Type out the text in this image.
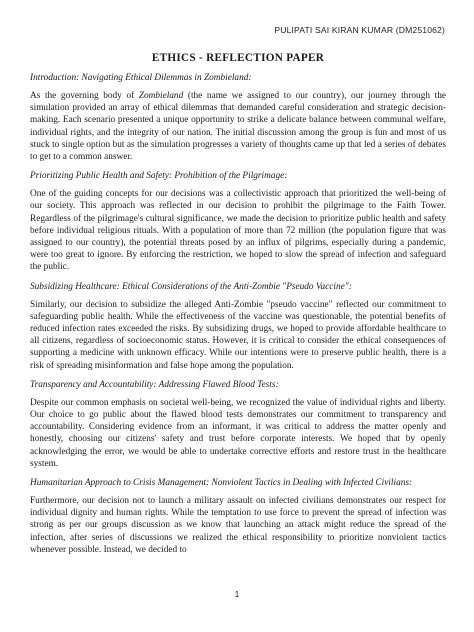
PULIPATI SAI KIRAN KUMAR (DM251062)
ETHICS - REFLECTION PAPER
Introduction: Navigating Ethical Dilemmas in Zombieland:
As the governing body of Zombieland (the name we assigned to our country), our journey through the simulation provided an array of ethical dilemmas that demanded careful consideration and strategic decision-making. Each scenario presented a unique opportunity to strike a delicate balance between communal welfare, individual rights, and the integrity of our nation. The initial discussion among the group is fun and most of us stuck to single option but as the simulation progresses a variety of thoughts came up that led a series of debates to get to a common answer.
Prioritizing Public Health and Safety: Prohibition of the Pilgrimage:
One of the guiding concepts for our decisions was a collectivistic approach that prioritized the well-being of our society. This approach was reflected in our decision to prohibit the pilgrimage to the Faith Tower. Regardless of the pilgrimage's cultural significance, we made the decision to prioritize public health and safety before individual religious rituals. With a population of more than 72 million (the population figure that was assigned to our country), the potential threats posed by an influx of pilgrims, especially during a pandemic, were too great to ignore. By enforcing the restriction, we hoped to slow the spread of infection and safeguard the public.
Subsidizing Healthcare: Ethical Considerations of the Anti-Zombie "Pseudo Vaccine":
Similarly, our decision to subsidize the alleged Anti-Zombie "pseudo vaccine" reflected our commitment to safeguarding public health. While the effectiveness of the vaccine was questionable, the potential benefits of reduced infection rates exceeded the risks. By subsidizing drugs, we hoped to provide affordable healthcare to all citizens, regardless of socioeconomic status. However, it is critical to consider the ethical consequences of supporting a medicine with unknown efficacy. While our intentions were to preserve public health, there is a risk of spreading misinformation and false hope among the population.
Transparency and Accountability: Addressing Flawed Blood Tests:
Despite our common emphasis on societal well-being, we recognized the value of individual rights and liberty. Our choice to go public about the flawed blood tests demonstrates our commitment to transparency and accountability. Considering evidence from an informant, it was critical to address the matter openly and honestly, choosing our citizens' safety and trust before corporate interests. We hoped that by openly acknowledging the error, we would be able to undertake corrective efforts and restore trust in the healthcare system.
Humanitarian Approach to Crisis Management: Nonviolent Tactics in Dealing with Infected Civilians:
Furthermore, our decision not to launch a military assault on infected civilians demonstrates our respect for individual dignity and human rights. While the temptation to use force to prevent the spread of infection was strong as per our groups discussion as we know that launching an attack might reduce the spread of the infection, after series of discussions we realized the ethical responsibility to prioritize nonviolent tactics whenever possible. Instead, we decided to
1
